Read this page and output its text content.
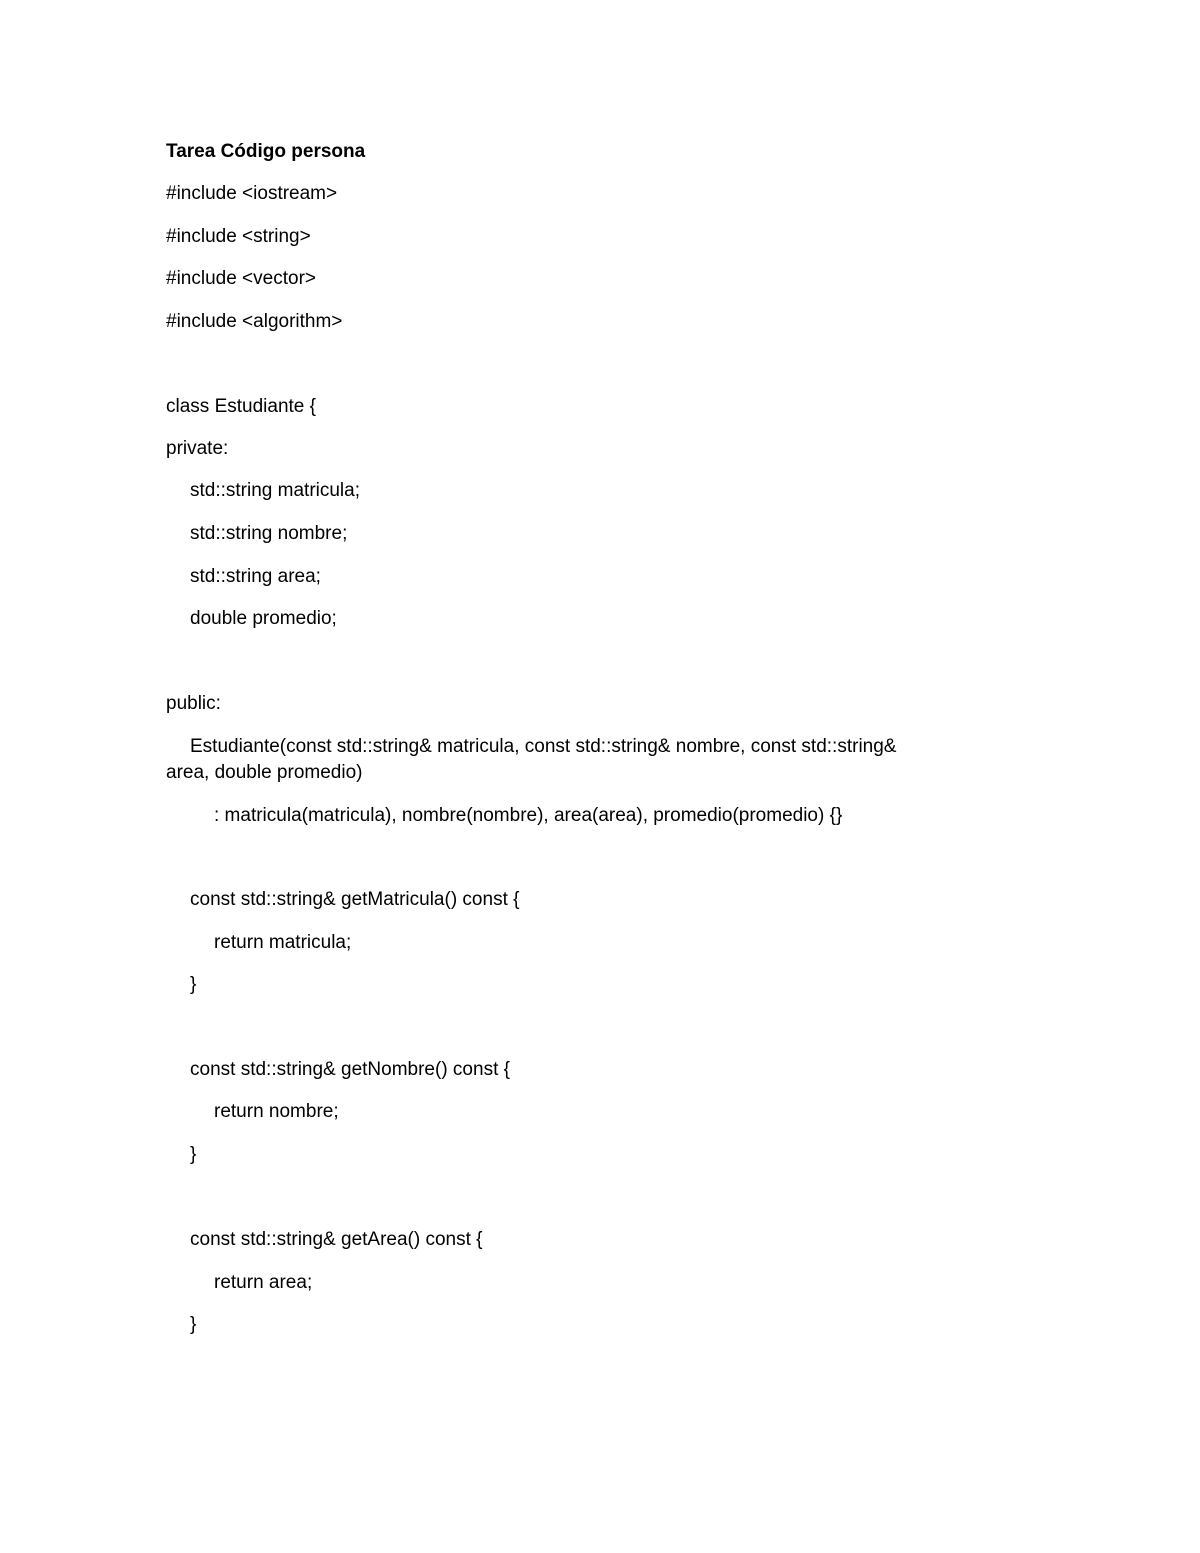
Tarea Código persona

#include <iostream>

#include <string>

#include <vector>

#include <algorithm>

class Estudiante {

private:

std::string matricula;

std::string nombre;

std::string area;

double promedio;

public:

Estudiante(const std::string& matricula, const std::string& nombre, const std::string&

area, double promedio)

: matricula(matricula), nombre(nombre), area(area), promedio(promedio) {}

const std::string& getMatricula() const {

return matricula;

}

const std::string& getNombre() const {

return nombre;

}

const std::string& getArea() const {

return area;

}
